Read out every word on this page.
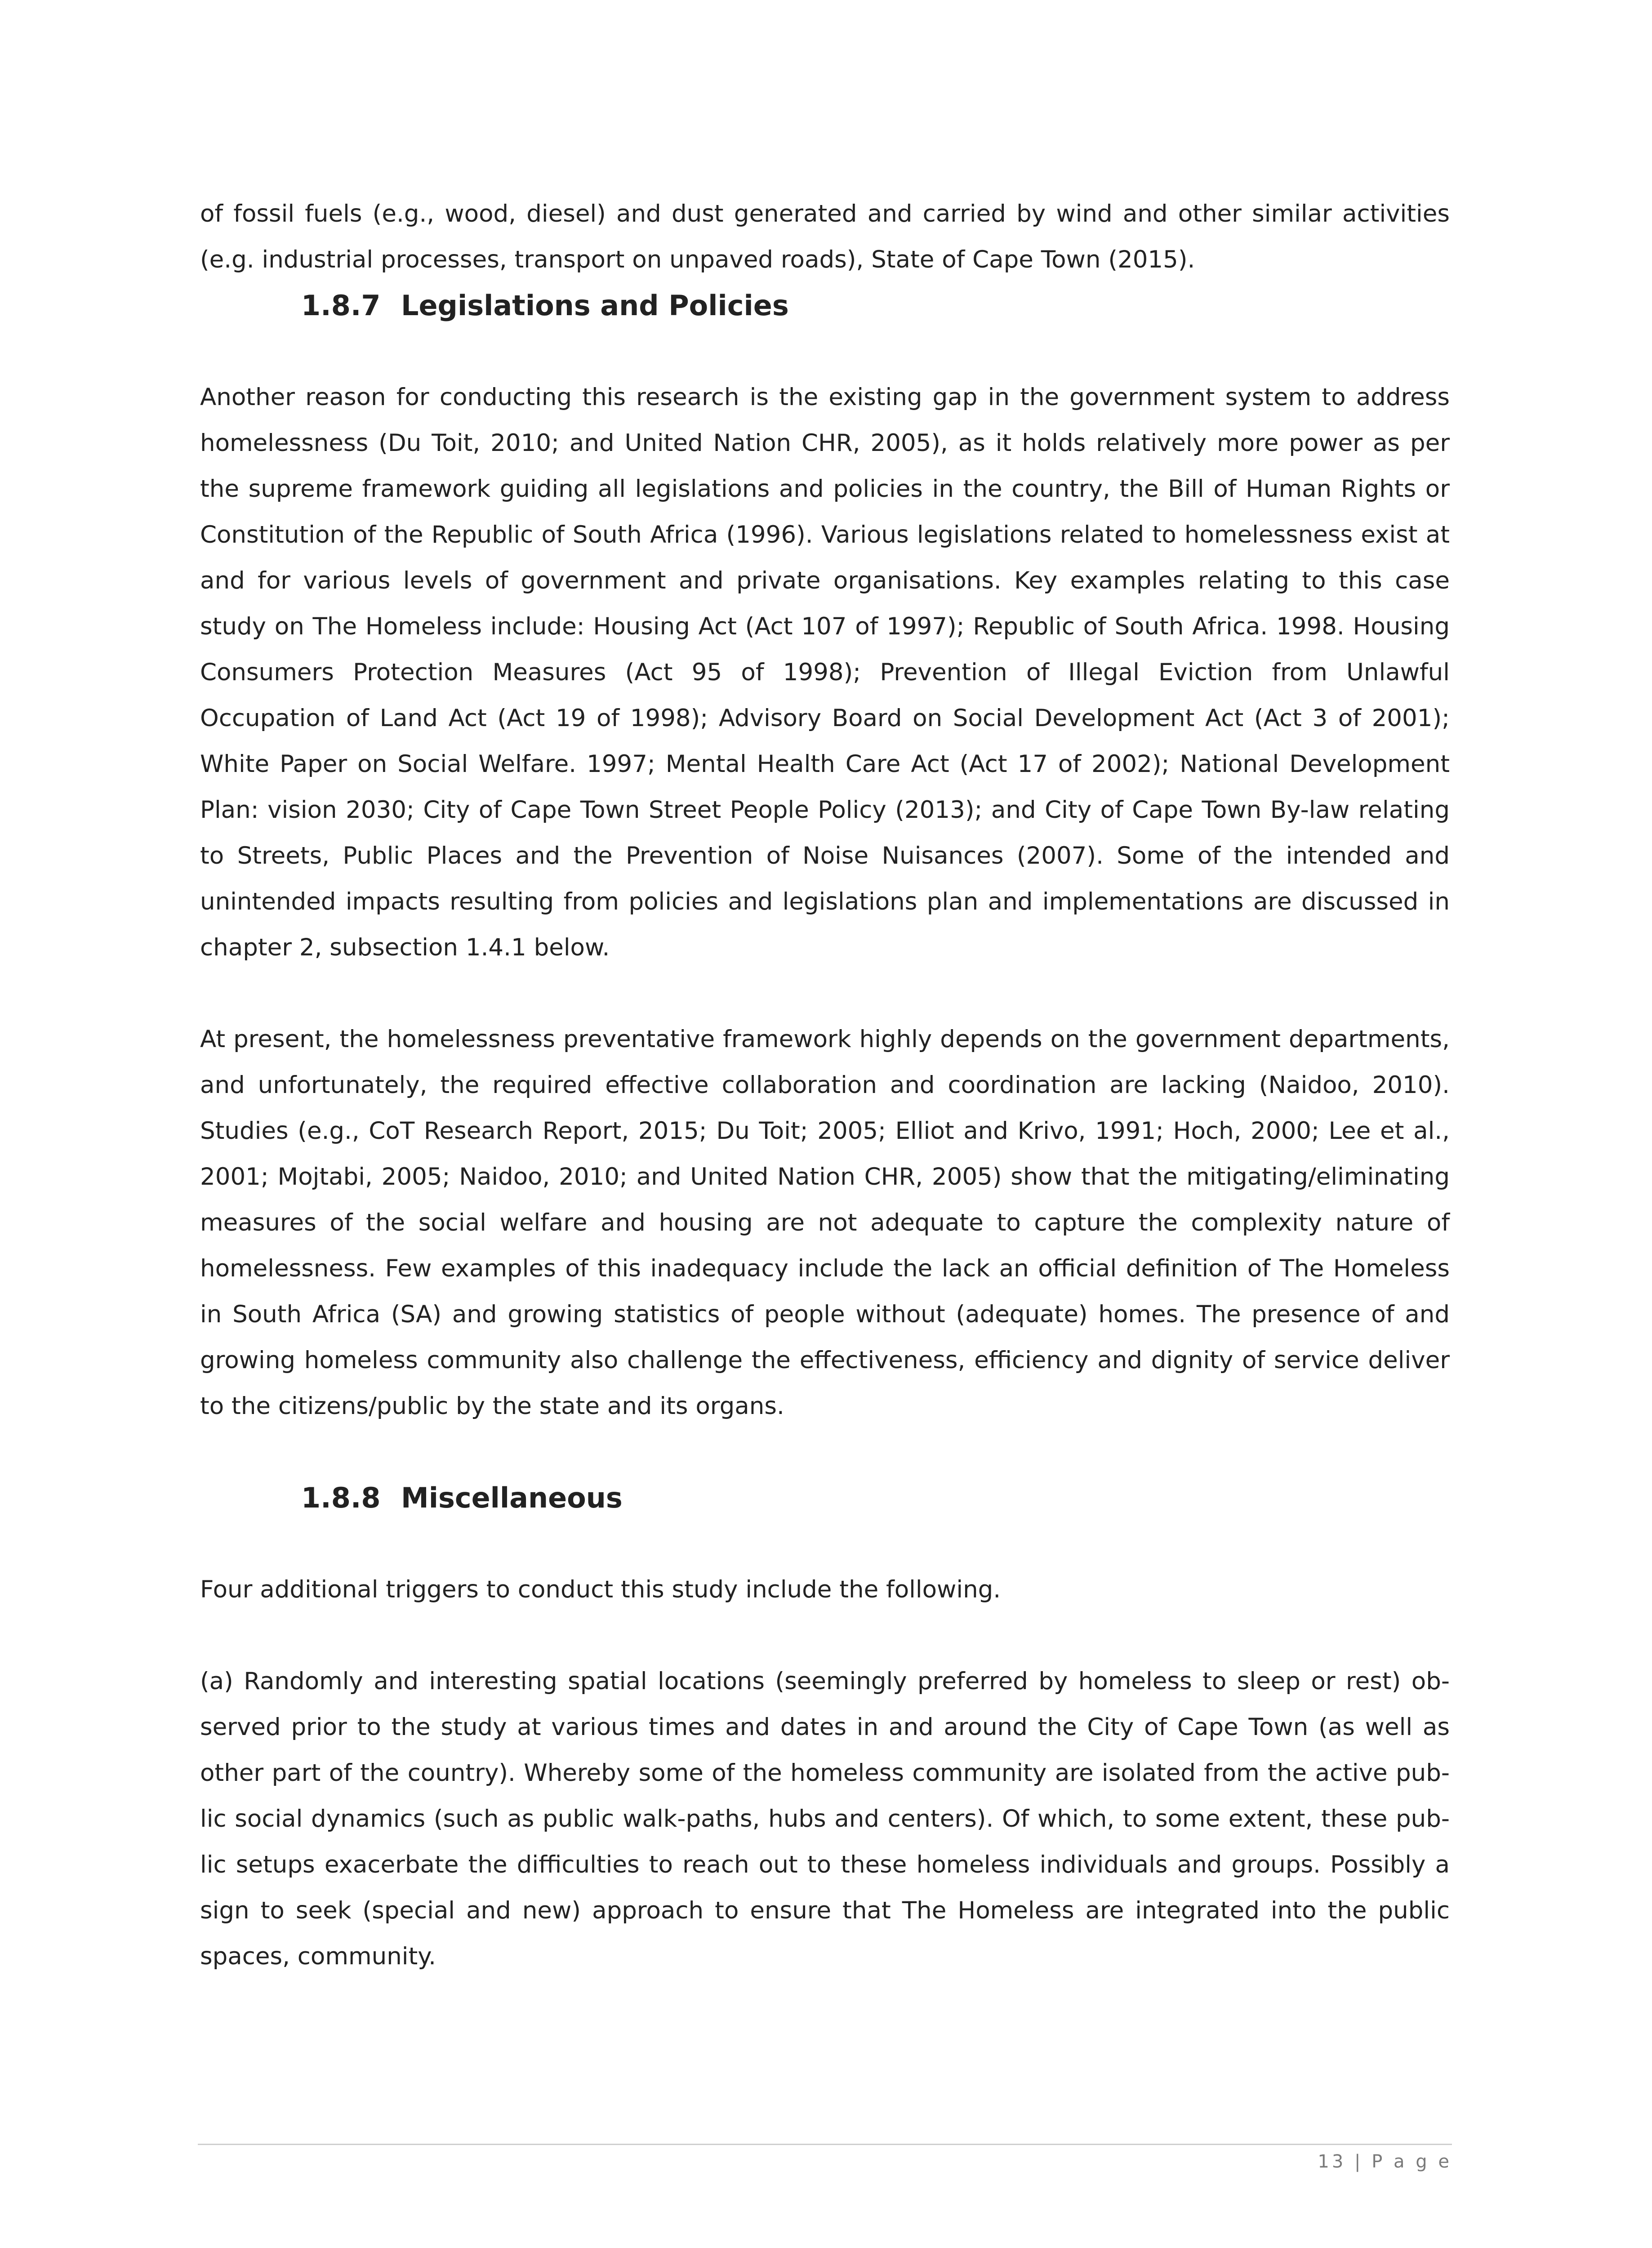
of fossil fuels (e.g., wood, diesel) and dust generated and carried by wind and other similar activities (e.g. industrial processes, transport on unpaved roads), State of Cape Town (2015).

1.8.7 Legislations and Policies

Another reason for conducting this research is the existing gap in the government system to address homelessness (Du Toit, 2010; and United Nation CHR, 2005), as it holds relatively more power as per the supreme framework guiding all legislations and policies in the country, the Bill of Human Rights or Constitution of the Republic of South Africa (1996). Various legislations related to homelessness exist at and for various levels of government and private organisations. Key examples relating to this case study on The Homeless include: Housing Act (Act 107 of 1997); Republic of South Africa. 1998. Housing Consumers Protection Measures (Act 95 of 1998); Prevention of Illegal Eviction from Unlawful Occupation of Land Act (Act 19 of 1998); Advisory Board on Social Development Act (Act 3 of 2001); White Paper on Social Welfare. 1997; Mental Health Care Act (Act 17 of 2002); National Development Plan: vision 2030; City of Cape Town Street People Policy (2013); and City of Cape Town By-law relating to Streets, Public Places and the Prevention of Noise Nuisances (2007). Some of the intended and unintended impacts resulting from policies and legislations plan and implementations are discussed in chapter 2, subsection 1.4.1 below.

At present, the homelessness preventative framework highly depends on the government departments, and unfortunately, the required effective collaboration and coordination are lacking (Naidoo, 2010). Studies (e.g., CoT Research Report, 2015; Du Toit; 2005; Elliot and Krivo, 1991; Hoch, 2000; Lee et al., 2001; Mojtabi, 2005; Naidoo, 2010; and United Nation CHR, 2005) show that the mitigating/eliminating measures of the social welfare and housing are not adequate to capture the complexity nature of homelessness. Few examples of this inadequacy include the lack an official definition of The Homeless in South Africa (SA) and growing statistics of people without (adequate) homes. The presence of and growing homeless community also challenge the effectiveness, efficiency and dignity of service deliver to the citizens/public by the state and its organs.

1.8.8 Miscellaneous

Four additional triggers to conduct this study include the following.

(a) Randomly and interesting spatial locations (seemingly preferred by homeless to sleep or rest) observed prior to the study at various times and dates in and around the City of Cape Town (as well as other part of the country). Whereby some of the homeless community are isolated from the active public social dynamics (such as public walk-paths, hubs and centers). Of which, to some extent, these public setups exacerbate the difficulties to reach out to these homeless individuals and groups. Possibly a sign to seek (special and new) approach to ensure that The Homeless are integrated into the public spaces, community.

13 | P a g e
